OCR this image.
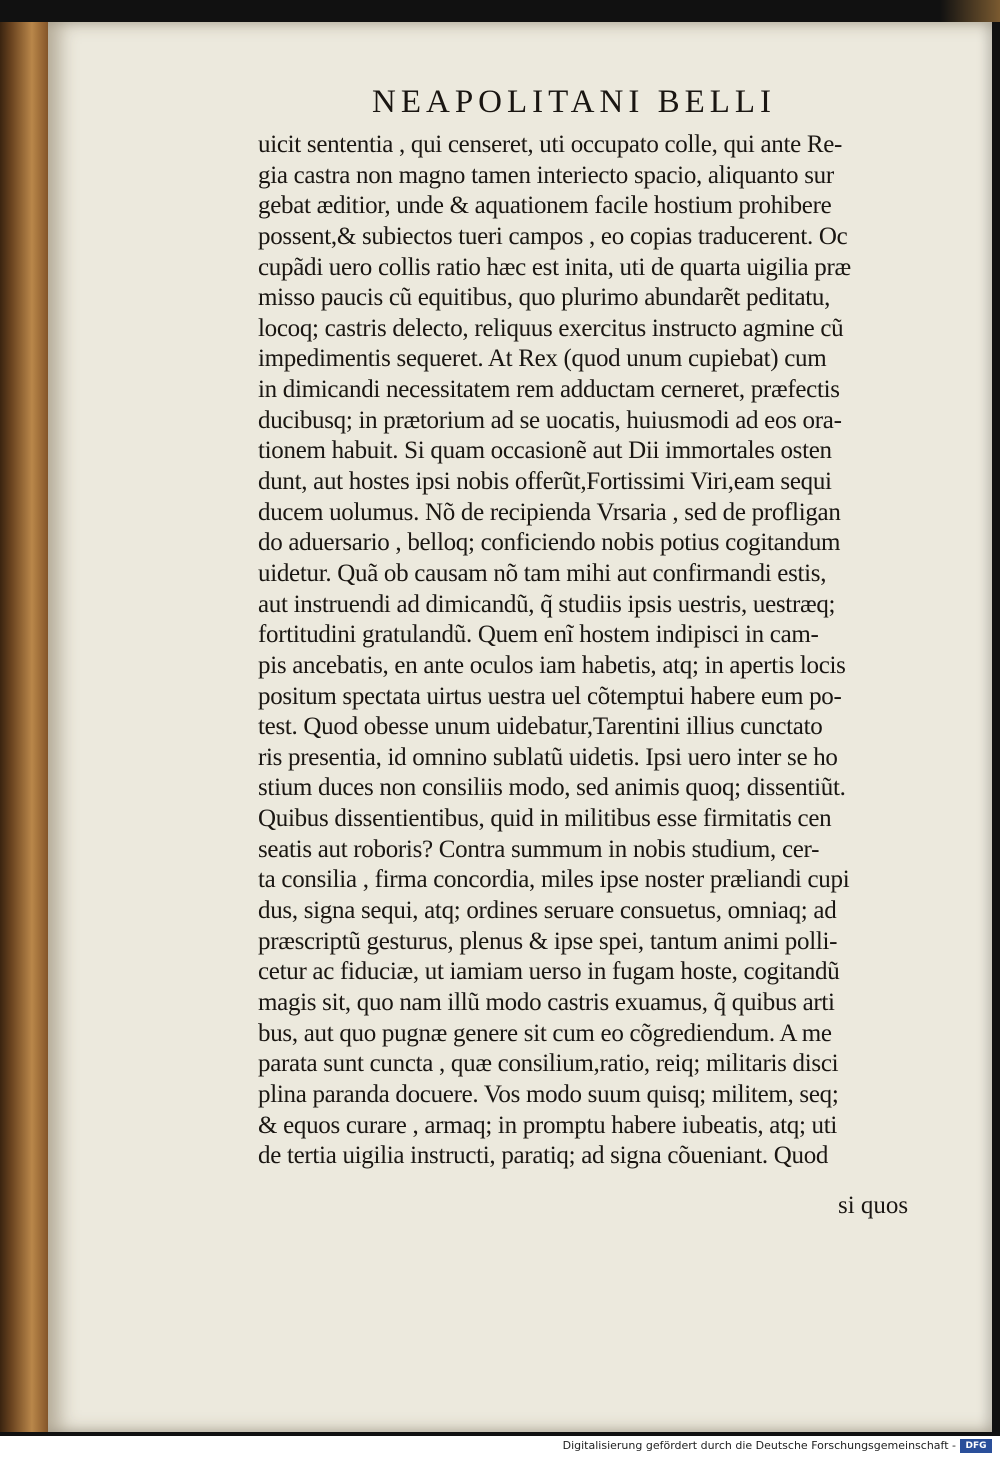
NEAPOLITANI BELLI
uicit sententia , qui censeret, uti occupato colle, qui ante Re-
gia castra non magno tamen interiecto spacio, aliquanto sur
gebat æditior, unde & aquationem facile hostium prohibere
possent,& subiectos tueri campos , eo copias traducerent. Oc
cupãdi uero collis ratio hæc est inita, uti de quarta uigilia præ
misso paucis cũ equitibus, quo plurimo abundarẽt peditatu,
locoq; castris delecto, reliquus exercitus instructo agmine cũ
impedimentis sequeret. At Rex (quod unum cupiebat) cum
in dimicandi necessitatem rem adductam cerneret, præfectis
ducibusq; in prætorium ad se uocatis, huiusmodi ad eos ora-
tionem habuit. Si quam occasionẽ aut Dii immortales osten
dunt, aut hostes ipsi nobis offerũt,Fortissimi Viri,eam sequi
ducem uolumus. Nõ de recipienda Vrsaria , sed de profligan
do aduersario , belloq; conficiendo nobis potius cogitandum
uidetur. Quã ob causam nõ tam mihi aut confirmandi estis,
aut instruendi ad dimicandũ, q̃ studiis ipsis uestris, uestræq;
fortitudini gratulandũ. Quem enĩ hostem indipisci in cam-
pis ancebatis, en ante oculos iam habetis, atq; in apertis locis
positum spectata uirtus uestra uel cõtemptui habere eum po-
test. Quod obesse unum uidebatur,Tarentini illius cunctato
ris presentia, id omnino sublatũ uidetis. Ipsi uero inter se ho
stium duces non consiliis modo, sed animis quoq; dissentiũt.
Quibus dissentientibus, quid in militibus esse firmitatis cen
seatis aut roboris? Contra summum in nobis studium, cer-
ta consilia , firma concordia, miles ipse noster præliandi cupi
dus, signa sequi, atq; ordines seruare consuetus, omniaq; ad
præscriptũ gesturus, plenus & ipse spei, tantum animi polli-
cetur ac fiduciæ, ut iamiam uerso in fugam hoste, cogitandũ
magis sit, quo nam illũ modo castris exuamus, q̃ quibus arti
bus, aut quo pugnæ genere sit cum eo cõgrediendum. A me
parata sunt cuncta , quæ consilium,ratio, reiq; militaris disci
plina paranda docuere. Vos modo suum quisq; militem, seq;
& equos curare , armaq; in promptu habere iubeatis, atq; uti
de tertia uigilia instructi, paratiq; ad signa cõueniant. Quod
si quos
Digitalisierung gefördert durch die Deutsche Forschungsgemeinschaft -	DFG
